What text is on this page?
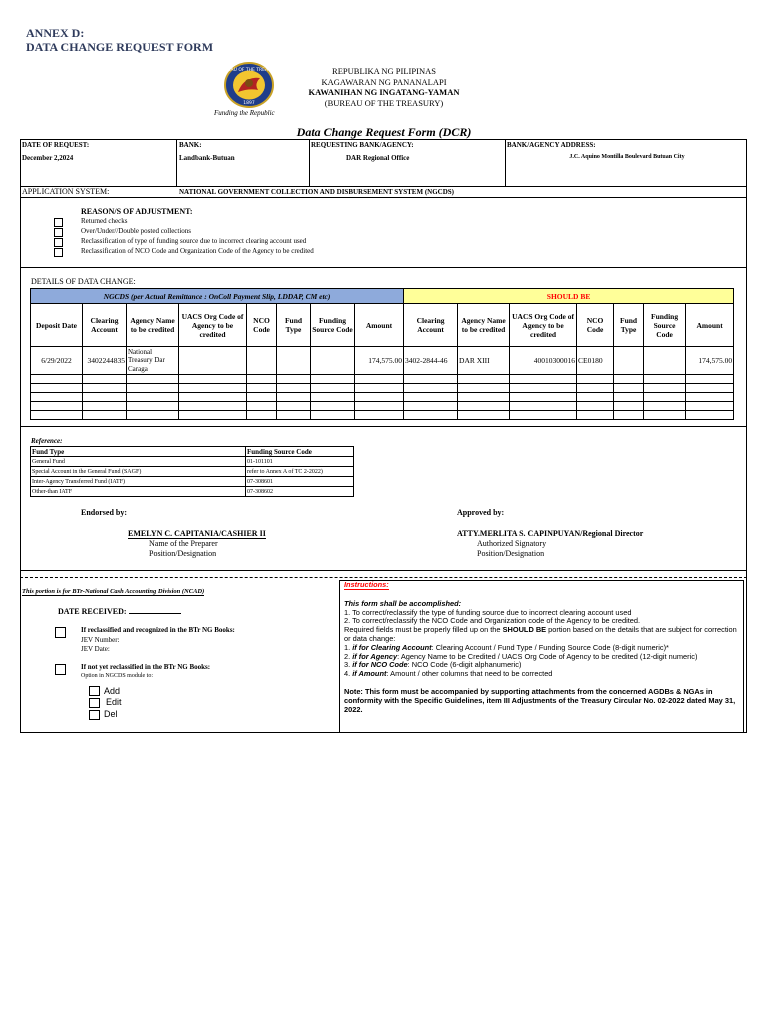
ANNEX D:
DATA CHANGE REQUEST FORM
BUREAU OF THE TREASURY
1897
Funding the Republic
REPUBLIKA NG PILIPINAS
KAGAWARAN NG PANANALAPI
KAWANIHAN NG INGATANG-YAMAN
(BUREAU OF THE TREASURY)
Data Change Request Form (DCR)
DATE OF REQUEST:
December 2,2024
BANK:
Landbank-Butuan
REQUESTING BANK/AGENCY:
DAR Regional Office
BANK/AGENCY ADDRESS:
J.C. Aquino Montilla Boulevard Butuan City
APPLICATION SYSTEM:	NATIONAL GOVERNMENT COLLECTION AND DISBURSEMENT SYSTEM (NGCDS)
REASON/S OF ADJUSTMENT:
Returned checks
Over/Under//Double posted collections
Reclassification of type of funding source due to incorrect clearing account used
Reclassification of NCO Code and Organization Code of the Agency to be credited
DETAILS OF DATA CHANGE:
NGCDS (per Actual Remittance : OnColl Payment Slip, LDDAP, CM etc)								SHOULD BE						
Deposit Date	Clearing Account	Agency Name to be credited	UACS Org Code of Agency to be credited	NCO Code	Fund Type	Funding Source Code	Amount	Clearing Account	Agency Name to be credited	UACS Org Code of Agency to be credited	NCO Code	Fund Type	Funding Source Code	Amount
6/29/2022	3402244835	National Treasury Dar Caraga					174,575.00	3402-2844-46	DAR XIII	40010300016	CE0180			174,575.00

Reference:
Fund Type	Funding Source Code
General Fund	01-101101
Special Account in the General Fund (SAGF)	refer to Annex A of TC 2-2022)
Inter-Agency Transferred Fund (IATF)	07-308601
Other-than IATF	07-308602
Endorsed by:
EMELYN C. CAPITANIA/CASHIER II
Name of the Preparer
Position/Designation
Approved by:
ATTY.MERLITA S. CAPINPUYAN/Regional Director
Authorized Signatory
Position/Designation
This portion is for BTr-National Cash Accounting Division (NCAD)
DATE RECEIVED:
If reclassified and recognized in the BTr NG Books:
JEV Number:
JEV Date:
If not yet reclassified in the BTr NG Books:
Option in NGCDS module to:
Add
Edit
Del
Instructions:
This form shall be accomplished:
1. To correct/reclassify the type of funding source due to incorrect clearing account used
2. To correct/reclassify the NCO Code and Organization code of the Agency to be credited.
Required fields must be properly filled up on the SHOULD BE portion based on the details that are subject for correction or data change:
1. if for Clearing Account: Clearing Account / Fund Type / Funding Source Code (8-digit numeric)*
2. if for Agency: Agency Name to be Credited / UACS Org Code of Agency to be credited (12-digit numeric)
3. if for NCO Code: NCO Code (6-digit alphanumeric)
4. if Amount: Amount / other columns that need to be corrected
Note: This form must be accompanied by supporting attachments from the concerned AGDBs & NGAs in conformity with the Specific Guidelines, item III Adjustments of the Treasury Circular No. 02-2022 dated May 31, 2022.
